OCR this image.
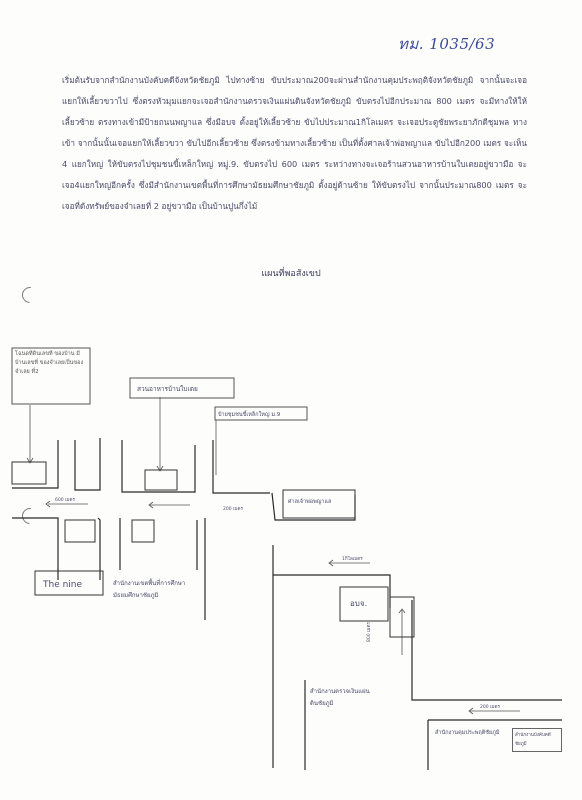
ทม. 1035/63

เริ่มต้นรับจากสำนักงานบังคับคดีจังหวัดชัยภูมิ ไปทางซ้าย ขับประมาณ200จะผ่านสำนักงานคุมประพฤติจังหวัดชัยภูมิ จากนั้นจะเจอแยกให้เลี้ยวขวาไป ซึ่งตรงหัวมุมแยกจะเจอสำนักงานตรวจเงินแผ่นดินจังหวัดชัยภูมิ ขับตรงไปอีกประมาณ 800 เมตร จะมีทางให้ให้เลี้ยวซ้าย ตรงทางเข้ามีป้ายถนนพญาแล ซึ่งมีอบจ ตั้งอยู่ให้เลี้ยวซ้าย ขับไปประมาณ1กิโลเมตร จะเจอประตูชัยพระยาภักดีชุมพล ทางเข้า จากนั้นนั้นเจอแยกให้เลี้ยวขวา ขับไปอีกเลี้ยวซ้าย ซึ่งตรงข้ามทางเลี้ยวซ้าย เป็นที่ตั้งศาลเจ้าพ่อพญาแล ขับไปอีก200 เมตร จะเห็น 4 แยกใหญ่ ให้ขับตรงไปชุมชนขี้เหล็กใหญ่ หมู่.9. ขับตรงไป 600 เมตร ระหว่างทางจะเจอร้านสวนอาหารบ้านใบเตยอยู่ขวามือ จะเจอ4แยกใหญ่อีกครั้ง ซึ่งมีสำนักงานเขตพื้นที่การศึกษามัธยมศึกษาชัยภูมิ ตั้งอยู่ด้านซ้าย ให้ขับตรงไป จากนั้นประมาณ800 เมตร จะเจอที่ดังทรัพย์ของจำเลยที่ 2 อยู่ขวามือ เป็นบ้านปูนกึ่งไม้

แผนที่พอสังเขป
โฉนดที่ดินเลขที่ ของบ้าน มีบ้านเลขที่ ของจำเลยเป็นของจำเลย ที่2
สวนอาหารบ้านใบเตย
ป้ายชุมชนขี้เหล็กใหญ่ ม.9
ศาลเจ้าพ่อพญาแล
The nine	สำนักงานเขตพื้นที่การศึกษามัธยมศึกษาชัยภูมิ
อบจ.
สำนักงานตรวจเงินแผ่นดินชัยภูมิ
สำนักงานคุมประพฤติชัยภูมิ	สำนักงานบังคับคดีชัยภูมิ
600 เมตร
200 เมตร
1กิโลเมตร
800 เมตร
200 เมตร
